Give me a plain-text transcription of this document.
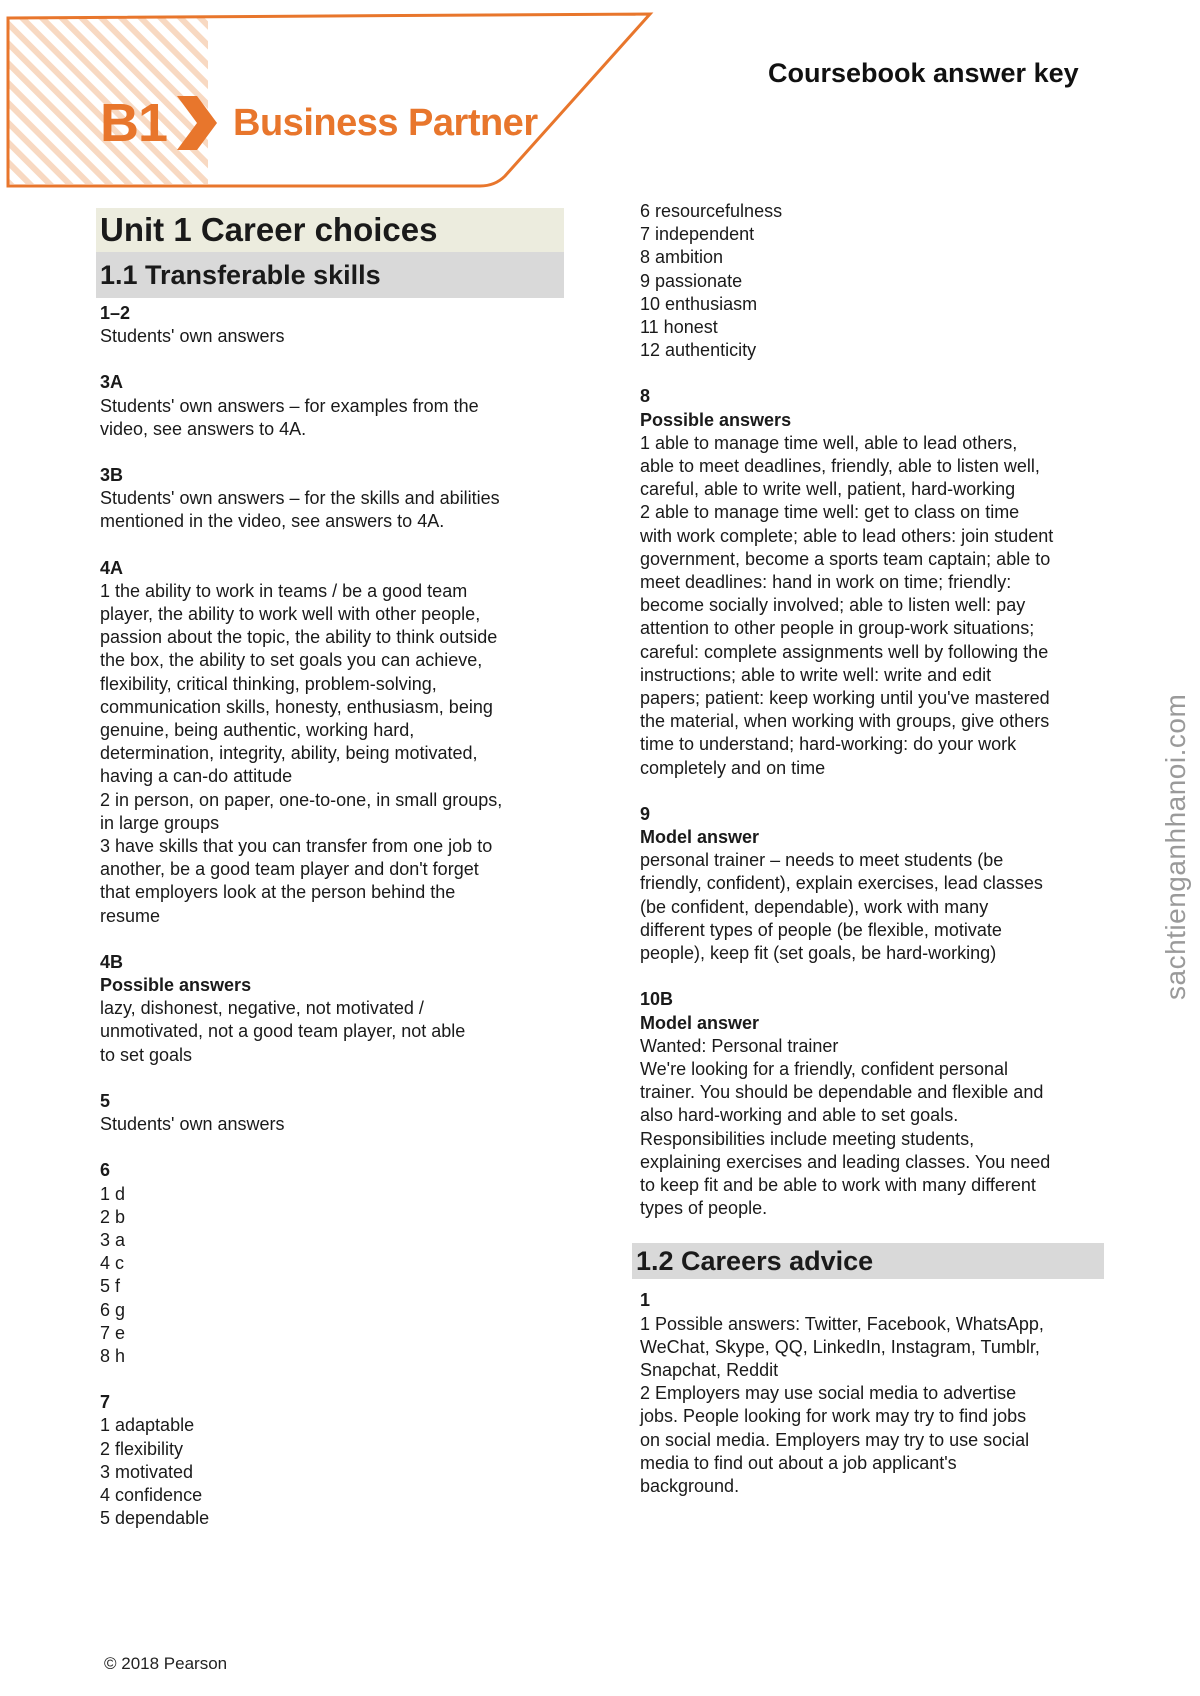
B1 Business Partner
Coursebook answer key
Unit 1 Career choices
1.1 Transferable skills
1–2
Students' own answers
3A
Students' own answers – for examples from the
video, see answers to 4A.
3B
Students' own answers – for the skills and abilities
mentioned in the video, see answers to 4A.
4A
1 the ability to work in teams / be a good team
player, the ability to work well with other people,
passion about the topic, the ability to think outside
the box, the ability to set goals you can achieve,
flexibility, critical thinking, problem-solving,
communication skills, honesty, enthusiasm, being
genuine, being authentic, working hard,
determination, integrity, ability, being motivated,
having a can-do attitude
2 in person, on paper, one-to-one, in small groups,
in large groups
3 have skills that you can transfer from one job to
another, be a good team player and don't forget
that employers look at the person behind the
resume
4B
Possible answers
lazy, dishonest, negative, not motivated /
unmotivated, not a good team player, not able
to set goals
5
Students' own answers
6
1 d
2 b
3 a
4 c
5 f
6 g
7 e
8 h
7
1 adaptable
2 flexibility
3 motivated
4 confidence
5 dependable
6 resourcefulness
7 independent
8 ambition
9 passionate
10 enthusiasm
11 honest
12 authenticity
8
Possible answers
1 able to manage time well, able to lead others,
able to meet deadlines, friendly, able to listen well,
careful, able to write well, patient, hard-working
2 able to manage time well: get to class on time
with work complete; able to lead others: join student
government, become a sports team captain; able to
meet deadlines: hand in work on time; friendly:
become socially involved; able to listen well: pay
attention to other people in group-work situations;
careful: complete assignments well by following the
instructions; able to write well: write and edit
papers; patient: keep working until you've mastered
the material, when working with groups, give others
time to understand; hard-working: do your work
completely and on time
9
Model answer
personal trainer – needs to meet students (be
friendly, confident), explain exercises, lead classes
(be confident, dependable), work with many
different types of people (be flexible, motivate
people), keep fit (set goals, be hard-working)
10B
Model answer
Wanted: Personal trainer
We're looking for a friendly, confident personal
trainer. You should be dependable and flexible and
also hard-working and able to set goals.
Responsibilities include meeting students,
explaining exercises and leading classes. You need
to keep fit and be able to work with many different
types of people.
1.2 Careers advice
1
1 Possible answers: Twitter, Facebook, WhatsApp,
WeChat, Skype, QQ, LinkedIn, Instagram, Tumblr,
Snapchat, Reddit
2 Employers may use social media to advertise
jobs. People looking for work may try to find jobs
on social media. Employers may try to use social
media to find out about a job applicant's
background.
sachtienganhhanoi.com
© 2018 Pearson
